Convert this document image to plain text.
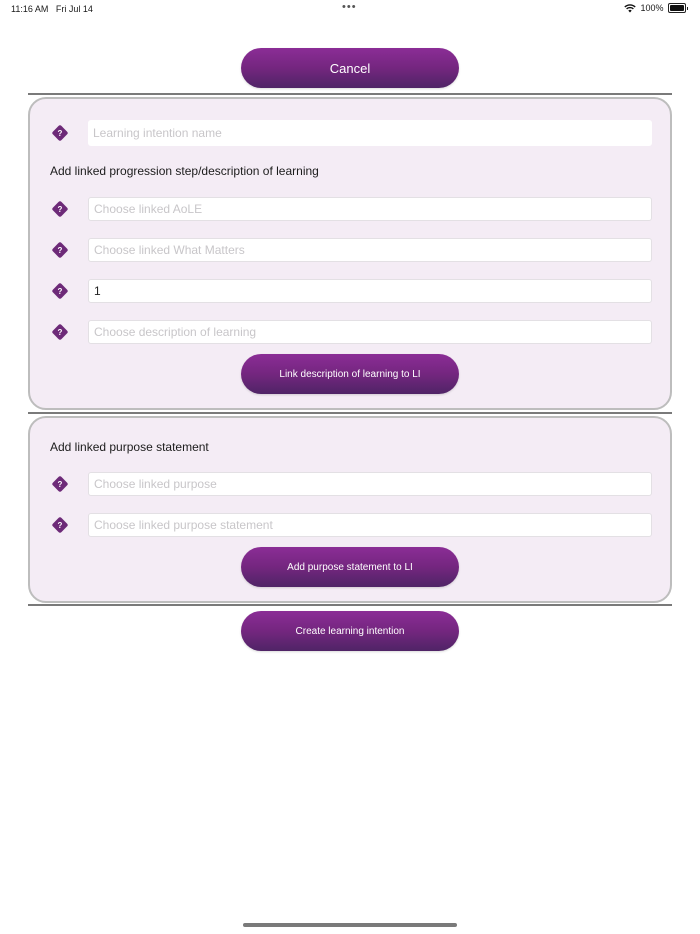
11:16 AM Fri Jul 14	•••	100%
Cancel
?
Learning intention name
Add linked progression step/description of learning
?
Choose linked AoLE
?
Choose linked What Matters
?
1
?
Choose description of learning
Link description of learning to LI
Add linked purpose statement
?
Choose linked purpose
?
Choose linked purpose statement
Add purpose statement to LI
Create learning intention
